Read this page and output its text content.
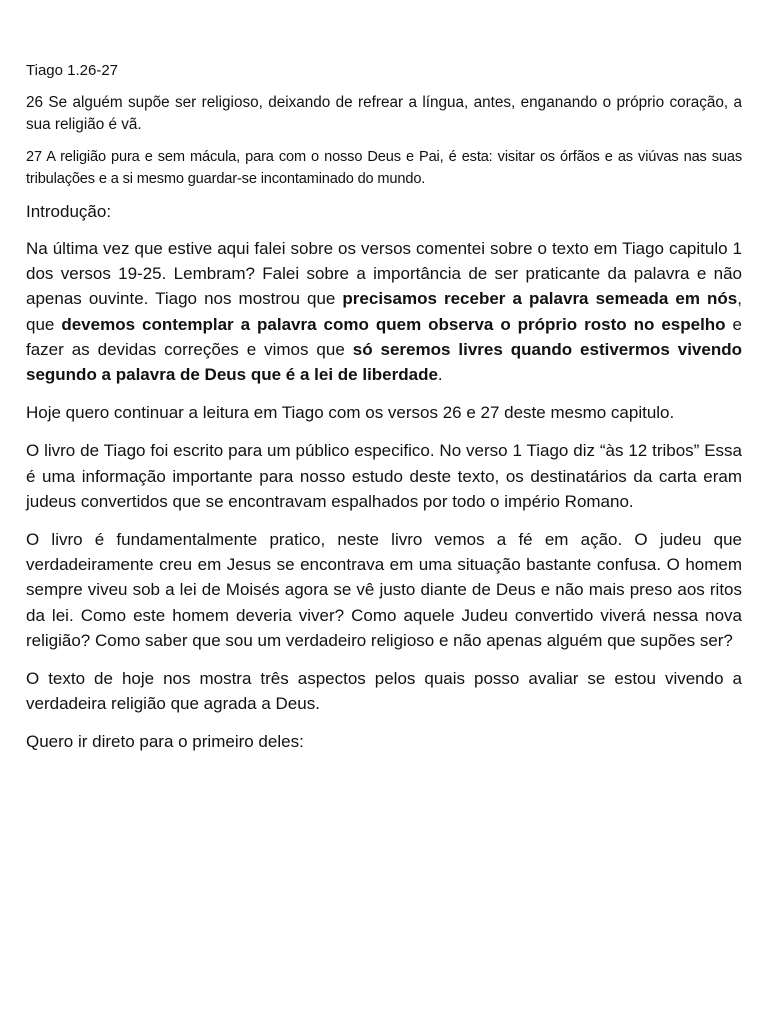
Tiago 1.26-27

26 Se alguém supõe ser religioso, deixando de refrear a língua, antes, enganando o próprio coração, a sua religião é vã.

27 A religião pura e sem mácula, para com o nosso Deus e Pai, é esta: visitar os órfãos e as viúvas nas suas tribulações e a si mesmo guardar-se incontaminado do mundo.

Introdução:

Na última vez que estive aqui falei sobre os versos comentei sobre o texto em Tiago capitulo 1 dos versos 19-25. Lembram? Falei sobre a importância de ser praticante da palavra e não apenas ouvinte. Tiago nos mostrou que precisamos receber a palavra semeada em nós, que devemos contemplar a palavra como quem observa o próprio rosto no espelho e fazer as devidas correções e vimos que só seremos livres quando estivermos vivendo segundo a palavra de Deus que é a lei de liberdade.

Hoje quero continuar a leitura em Tiago com os versos 26 e 27 deste mesmo capitulo.

O livro de Tiago foi escrito para um público especifico. No verso 1 Tiago diz “às 12 tribos” Essa é uma informação importante para nosso estudo deste texto, os destinatários da carta eram judeus convertidos que se encontravam espalhados por todo o império Romano.

O livro é fundamentalmente pratico, neste livro vemos a fé em ação. O judeu que verdadeiramente creu em Jesus se encontrava em uma situação bastante confusa. O homem sempre viveu sob a lei de Moisés agora se vê justo diante de Deus e não mais preso aos ritos da lei. Como este homem deveria viver? Como aquele Judeu convertido viverá nessa nova religião? Como saber que sou um verdadeiro religioso e não apenas alguém que supões ser?

O texto de hoje nos mostra três aspectos pelos quais posso avaliar se estou vivendo a verdadeira religião que agrada a Deus.

Quero ir direto para o primeiro deles:
